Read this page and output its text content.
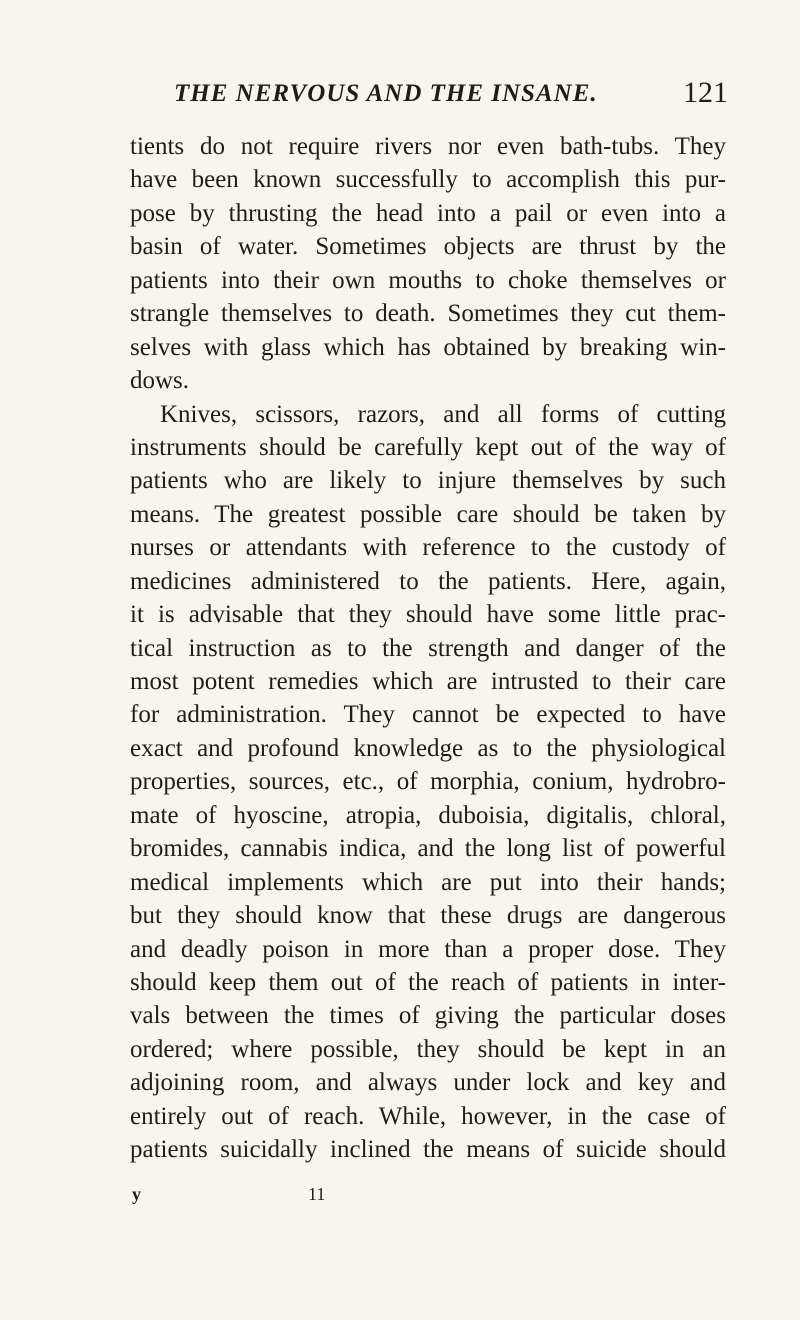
THE NERVOUS AND THE INSANE.	121
tients do not require rivers nor even bath-tubs. They
have been known successfully to accomplish this pur-
pose by thrusting the head into a pail or even into a
basin of water. Sometimes objects are thrust by the
patients into their own mouths to choke themselves or
strangle themselves to death. Sometimes they cut them-
selves with glass which has obtained by breaking win-
dows.
Knives, scissors, razors, and all forms of cutting
instruments should be carefully kept out of the way of
patients who are likely to injure themselves by such
means. The greatest possible care should be taken by
nurses or attendants with reference to the custody of
medicines administered to the patients. Here, again,
it is advisable that they should have some little prac-
tical instruction as to the strength and danger of the
most potent remedies which are intrusted to their care
for administration. They cannot be expected to have
exact and profound knowledge as to the physiological
properties, sources, etc., of morphia, conium, hydrobro-
mate of hyoscine, atropia, duboisia, digitalis, chloral,
bromides, cannabis indica, and the long list of powerful
medical implements which are put into their hands;
but they should know that these drugs are dangerous
and deadly poison in more than a proper dose. They
should keep them out of the reach of patients in inter-
vals between the times of giving the particular doses
ordered; where possible, they should be kept in an
adjoining room, and always under lock and key and
entirely out of reach. While, however, in the case of
patients suicidally inclined the means of suicide should
у	11
